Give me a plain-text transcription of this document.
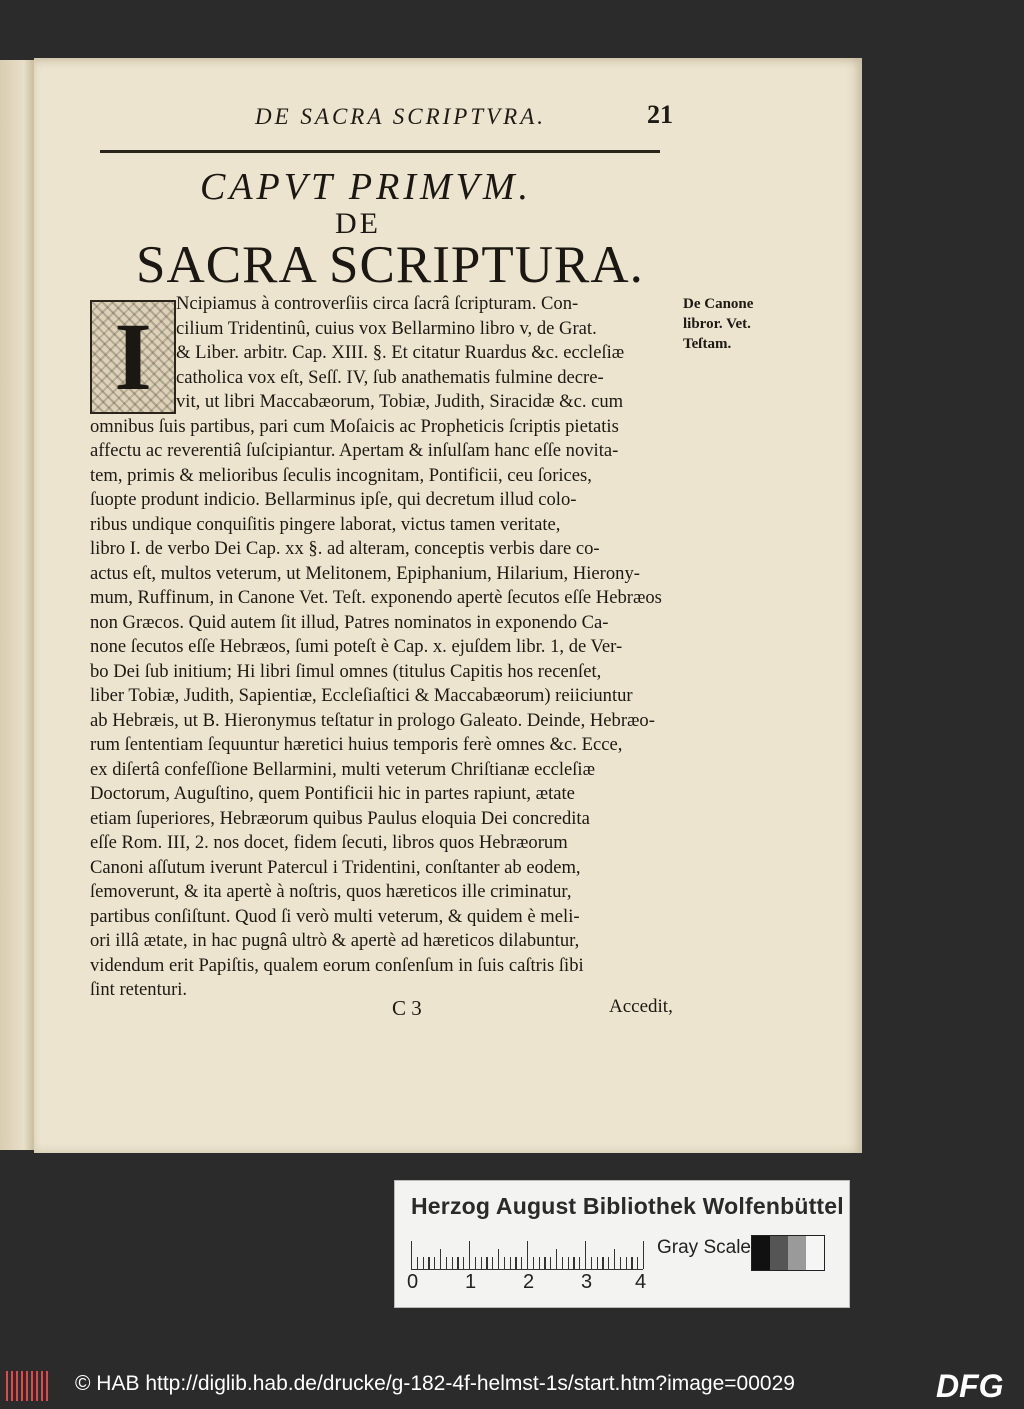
DE SACRA SCRIPTVRA.	21
CAPVT PRIMVM.
DE
SACRA SCRIPTURA.
Ncipiamus à controverſiis circa ſacrâ ſcripturam. Con-
cilium Tridentinû, cuius vox Bellarmino libro v, de Grat.
& Liber. arbitr. Cap. XIII. §. Et citatur Ruardus &c. eccleſiæ
catholica vox eſt, Seſſ. IV, ſub anathematis fulmine decre-
vit, ut libri Maccabæorum, Tobiæ, Judith, Siracidæ &c. cum
omnibus ſuis partibus, pari cum Moſaicis ac Propheticis ſcriptis pietatis
affectu ac reverentiâ ſuſcipiantur. Apertam & inſulſam hanc eſſe novita-
tem, primis & melioribus ſeculis incognitam, Pontificii, ceu ſorices,
ſuopte produnt indicio. Bellarminus ipſe, qui decretum illud colo-
ribus undique conquiſitis pingere laborat, victus tamen veritate,
libro I. de verbo Dei Cap. xx §. ad alteram, conceptis verbis dare co-
actus eſt, multos veterum, ut Melitonem, Epiphanium, Hilarium, Hierony-
mum, Ruffinum, in Canone Vet. Teſt. exponendo apertè ſecutos eſſe Hebræos
non Græcos. Quid autem ſit illud, Patres nominatos in exponendo Ca-
none ſecutos eſſe Hebræos, ſumi poteſt è Cap. x. ejuſdem libr. 1, de Ver-
bo Dei ſub initium; Hi libri ſimul omnes (titulus Capitis hos recenſet,
liber Tobiæ, Judith, Sapientiæ, Eccleſiaſtici & Maccabæorum) reiiciuntur
ab Hebræis, ut B. Hieronymus teſtatur in prologo Galeato. Deinde, Hebræo-
rum ſententiam ſequuntur hæretici huius temporis ferè omnes &c. Ecce,
ex diſertâ confeſſione Bellarmini, multi veterum Chriſtianæ eccleſiæ
Doctorum, Auguſtino, quem Pontificii hic in partes rapiunt, ætate
etiam ſuperiores, Hebræorum quibus Paulus eloquia Dei concredita
eſſe Rom. III, 2. nos docet, fidem ſecuti, libros quos Hebræorum
Canoni aſſutum iverunt Patercul i Tridentini, conſtanter ab eodem,
ſemoverunt, & ita apertè à noſtris, quos hæreticos ille criminatur,
partibus conſiſtunt. Quod ſi verò multi veterum, & quidem è meli-
ori illâ ætate, in hac pugnâ ultrò & apertè ad hæreticos dilabuntur,
videndum erit Papiſtis, qualem eorum conſenſum in ſuis caſtris ſibi
ſint retenturi.
I	De Canone
libror. Vet.
Teſtam.
C 3	Accedit,
Herzog August Bibliothek Wolfenbüttel
0 1 2 3 4
Gray Scale
© HAB http://diglib.hab.de/drucke/g-182-4f-helmst-1s/start.htm?image=00029	DFG
